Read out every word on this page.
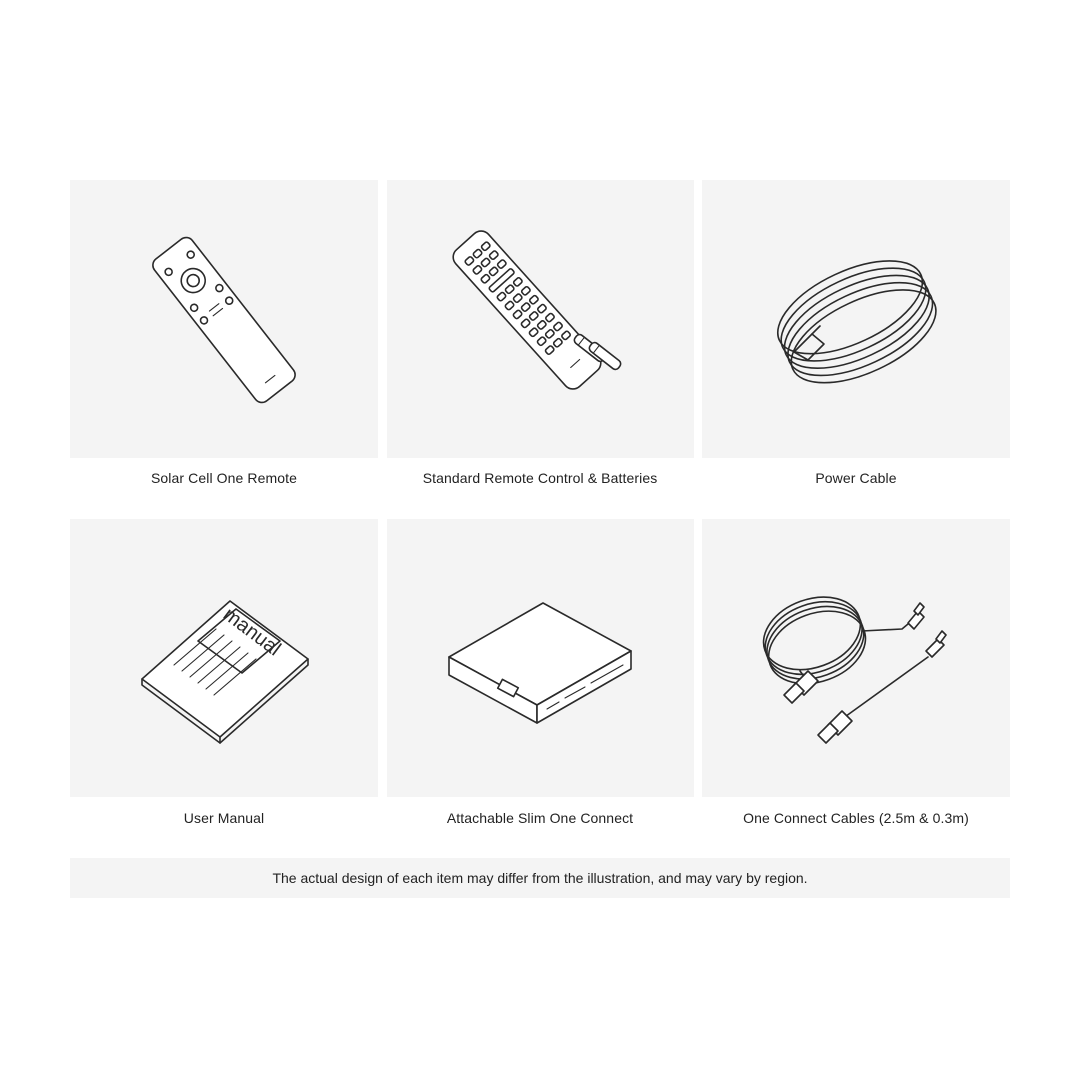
Solar Cell One Remote	Standard Remote Control & Batteries	Power Cable
manual
User Manual	Attachable Slim One Connect	One Connect Cables (2.5m & 0.3m)
The actual design of each item may differ from the illustration, and may vary by region.
